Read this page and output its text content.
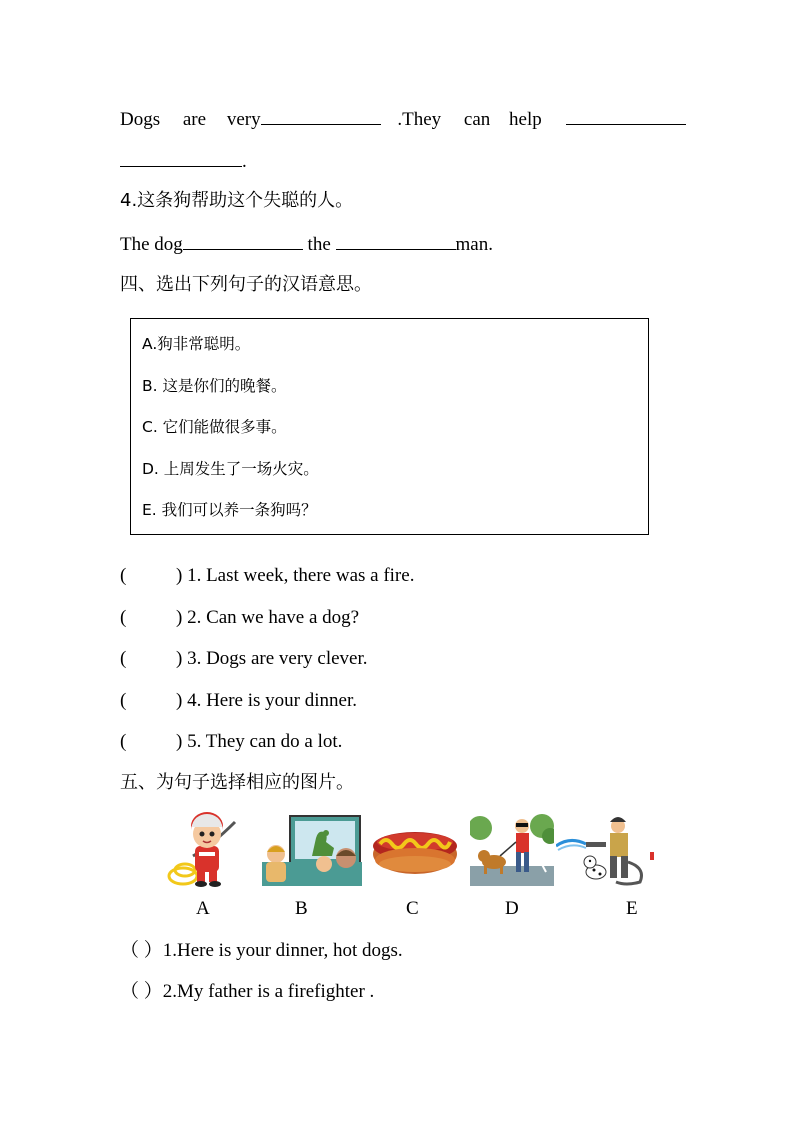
Dogs are very	.They can help
.
4.这条狗帮助这个失聪的人。
The dog	the	man.
四、选出下列句子的汉语意思。
A.狗非常聪明。
B. 这是你们的晚餐。
C. 它们能做很多事。
D. 上周发生了一场火灾。
E. 我们可以养一条狗吗？
(	) 1. Last week, there was a fire.
(	) 2. Can we have a dog?
(	) 3. Dogs are very clever.
(	) 4. Here is your dinner.
(	) 5. They can do a lot.
五、为句子选择相应的图片。
A	B	C	D	E
（ ）1.Here is your dinner, hot dogs.
（ ）2.My father is a firefighter .
